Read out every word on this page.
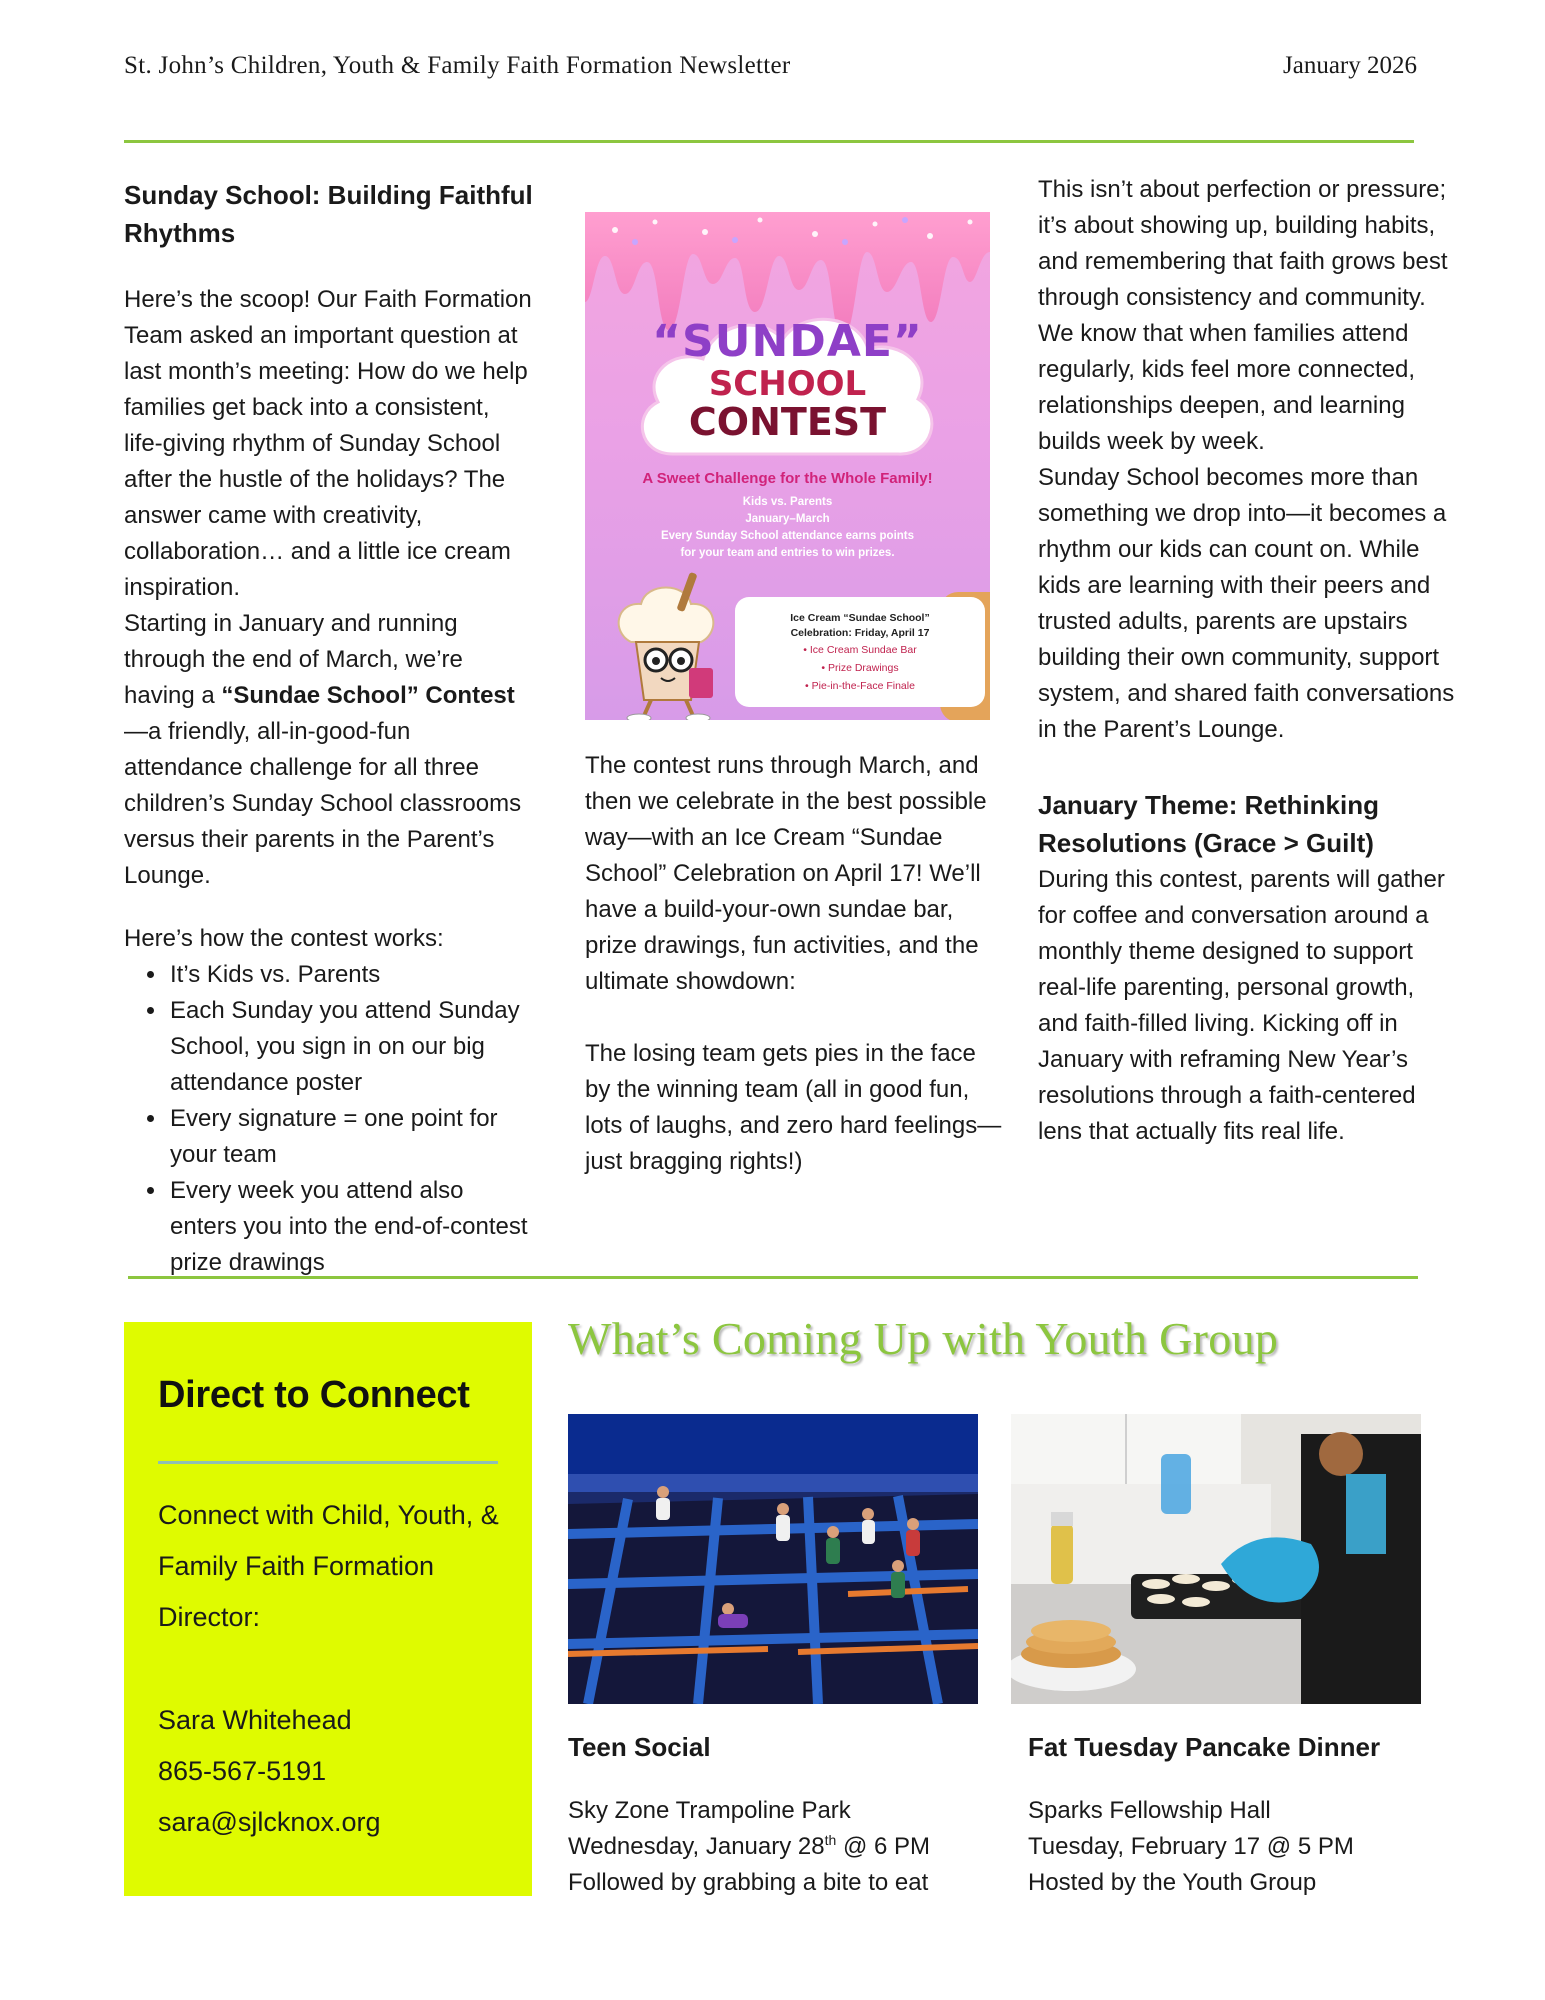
St. John’s Children, Youth & Family Faith Formation Newsletter	January 2026
Sunday School: Building Faithful Rhythms

Here’s the scoop! Our Faith Formation Team asked an important question at last month’s meeting: How do we help families get back into a consistent, life-giving rhythm of Sunday School after the hustle of the holidays? The answer came with creativity, collaboration… and a little ice cream inspiration.

Starting in January and running through the end of March, we’re having a “Sundae School” Contest—a friendly, all-in-good-fun attendance challenge for all three children’s Sunday School classrooms versus their parents in the Parent’s Lounge.

Here’s how the contest works:

• It’s Kids vs. Parents
• Each Sunday you attend Sunday School, you sign in on our big attendance poster
• Every signature = one point for your team
• Every week you attend also enters you into the end-of-contest prize drawings
“SUNDAE”
SCHOOL
CONTEST
A Sweet Challenge for the Whole Family!
Kids vs. Parents
January–March
Every Sunday School attendance earns points
for your team and entries to win prizes.
Ice Cream “Sundae School”
Celebration: Friday, April 17
• Ice Cream Sundae Bar
• Prize Drawings
• Pie-in-the-Face Finale

The contest runs through March, and then we celebrate in the best possible way—with an Ice Cream “Sundae School” Celebration on April 17! We’ll have a build-your-own sundae bar, prize drawings, fun activities, and the ultimate showdown:

The losing team gets pies in the face by the winning team (all in good fun, lots of laughs, and zero hard feelings—just bragging rights!)

This isn’t about perfection or pressure; it’s about showing up, building habits, and remembering that faith grows best through consistency and community. We know that when families attend regularly, kids feel more connected, relationships deepen, and learning builds week by week.

Sunday School becomes more than something we drop into—it becomes a rhythm our kids can count on. While kids are learning with their peers and trusted adults, parents are upstairs building their own community, support system, and shared faith conversations in the Parent’s Lounge.

January Theme: Rethinking Resolutions (Grace > Guilt)

During this contest, parents will gather for coffee and conversation around a monthly theme designed to support real-life parenting, personal growth, and faith-filled living. Kicking off in January with reframing New Year’s resolutions through a faith-centered lens that actually fits real life.

Direct to Connect

Connect with Child, Youth, & Family Faith Formation Director:

Sara Whitehead

865-567-5191

sara@sjlcknox.org

What’s Coming Up with Youth Group
Teen Social

Sky Zone Trampoline Park

Wednesday, January 28th @ 6 PM

Followed by grabbing a bite to eat

Fat Tuesday Pancake Dinner

Sparks Fellowship Hall

Tuesday, February 17 @ 5 PM

Hosted by the Youth Group
